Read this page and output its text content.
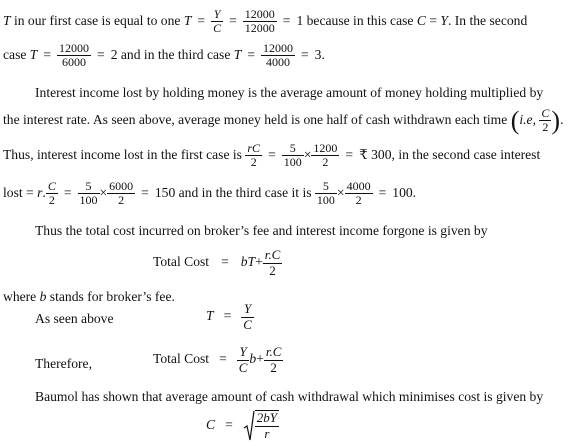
T in our first case is equal to one $T = \frac{Y}{C} = \frac{12000}{12000} = 1$ because in this case C = Y. In the second
case $T = \frac{12000}{6000} = 2$ and in the third case $T = \frac{12000}{4000} = 3$.
Interest income lost by holding money is the average amount of money holding multiplied by
the interest rate. As seen above, average money held is one half of cash withdrawn each time (i.e, $\frac{C}{2}$ ).
Thus, interest income lost in the first case is $\frac{rC}{2} = \frac{5}{100} \times \frac{1200}{2}$ = ₹ 300, in the second case interest
lost = r. $\frac{C}{2} = \frac{5}{100} \times \frac{6000}{2} = 150$ and in the third case it is $\frac{5}{100} \times \frac{4000}{2} = 100$.
Thus the total cost incurred on broker’s fee and interest income forgone is given by
Total Cost = $bT+ \frac{r.C}{2}$
where b stands for broker’s fee.
As seen above	$T = \frac{Y}{C}$
Therefore,	Total Cost = $\frac{Y}{C} b+ \frac{r.C}{2}$
Baumol has shown that average amount of cash withdrawal which minimises cost is given by
$C = \frac{2bY}{r}$
